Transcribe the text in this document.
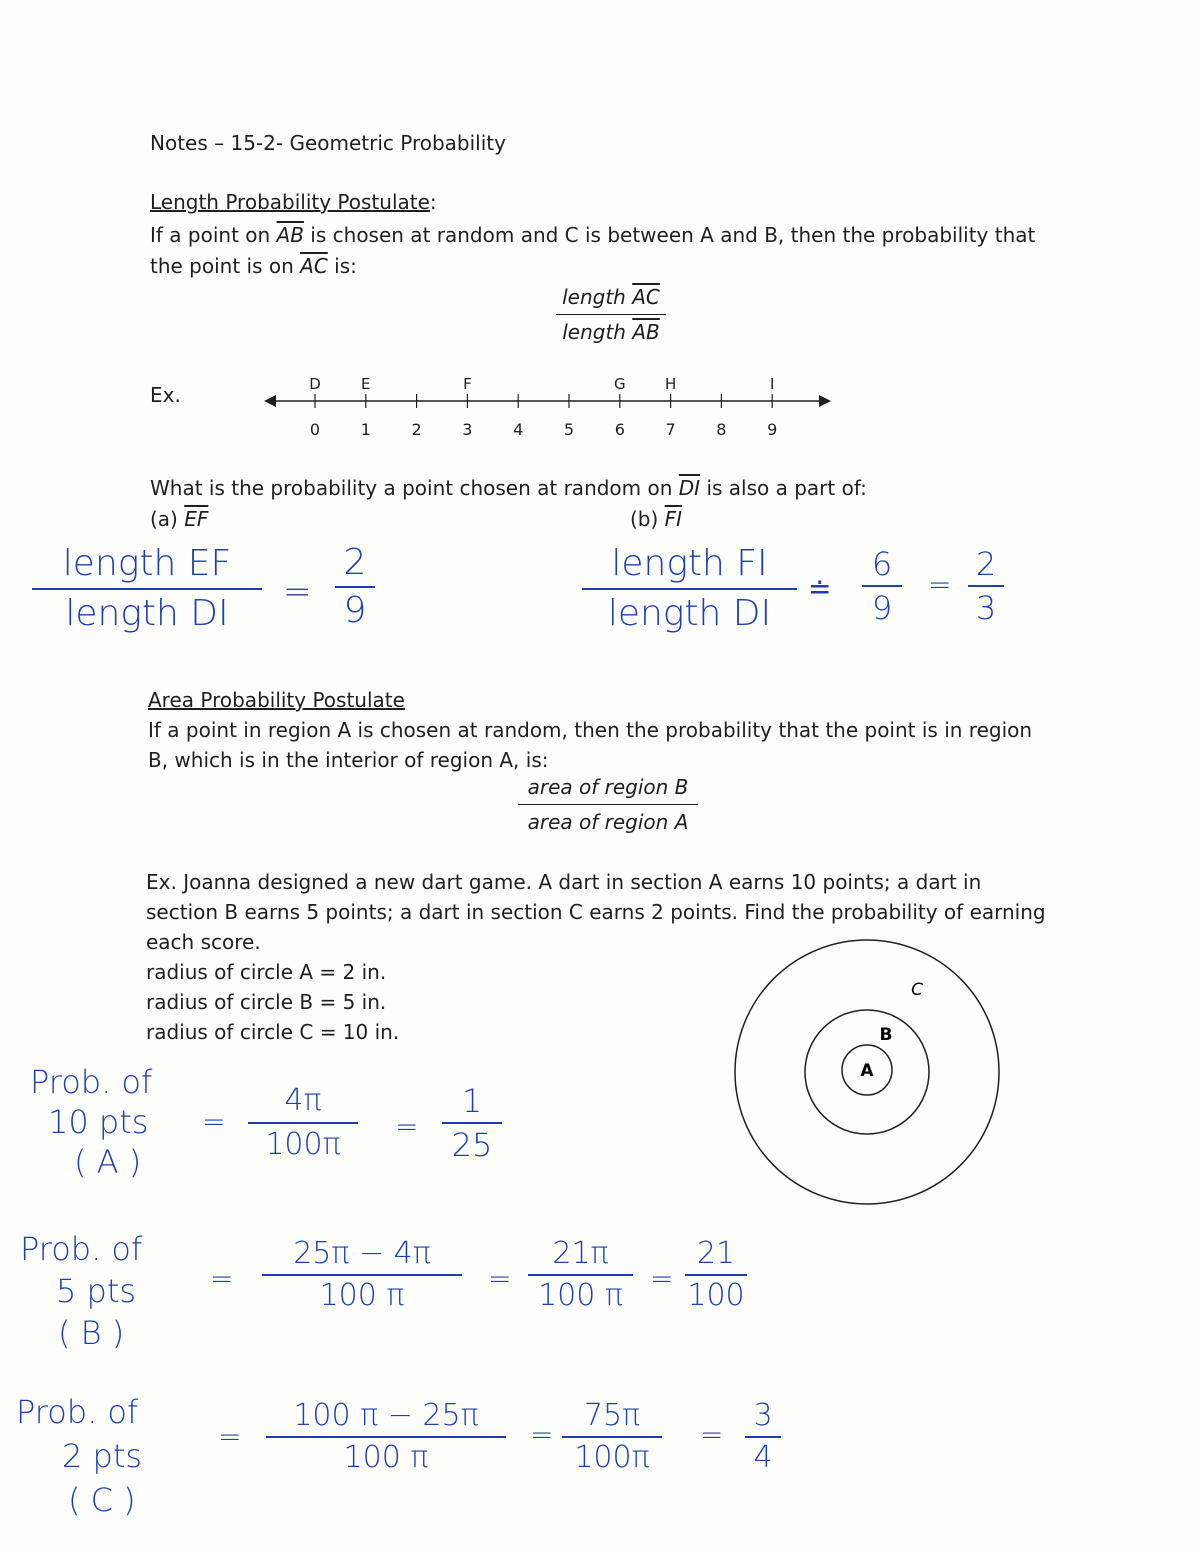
Notes – 15-2- Geometric Probability
Length Probability Postulate:
If a point on $\overline{AB}$ is chosen at random and C is between A and B, then the probability that
the point is on $\overline{AC}$ is:
length $\overline{AC}$
length $\overline{AB}$
Ex.
0	1	2	3	4	5	6	7	8	9
D	E	F	G	H	I
What is the probability a point chosen at random on $\overline{DI}$ is also a part of:
(a) $\overline{EF}$	(b) $\overline{FI}$
length EF
length DI
=
2
9
length FI
length DI
≐
6
9
=
2
3
Area Probability Postulate
If a point in region A is chosen at random, then the probability that the point is in region
B, which is in the interior of region A, is:
area of region B
area of region A
Ex. Joanna designed a new dart game. A dart in section A earns 10 points; a dart in
section B earns 5 points; a dart in section C earns 2 points. Find the probability of earning
each score.
radius of circle A = 2 in.
radius of circle B = 5 in.
radius of circle C = 10 in.
A
B
C
Prob. of
10 pts
( A )
=
4π
100π
=
1
25
Prob. of
5 pts
( B )
=
25π − 4π
100 π	=
21π
100 π =
21
100
Prob. of
2 pts
( C )
=
100 π − 25π
100 π
=
75π
100π
=
3
4
